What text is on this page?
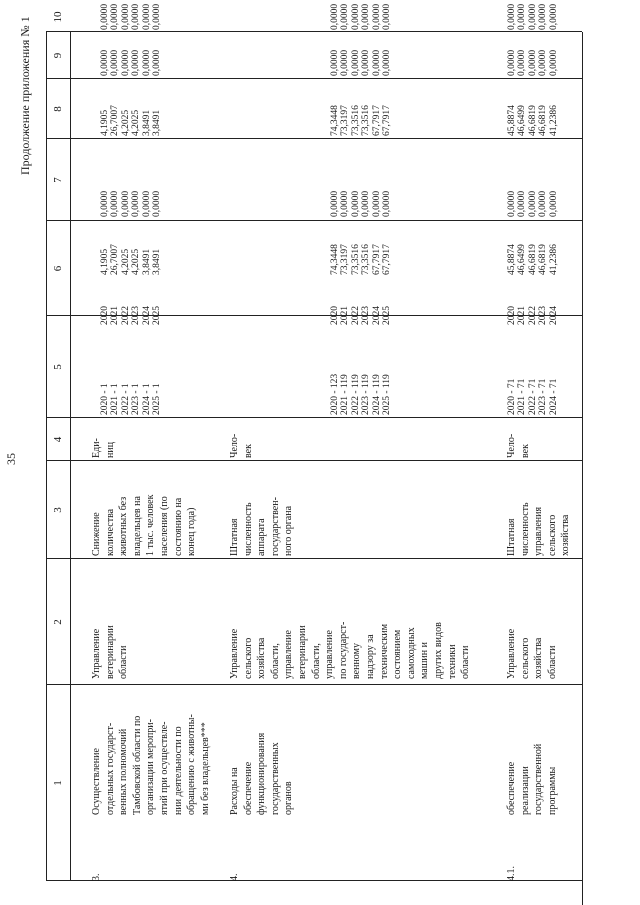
35
Продолжение приложения № 1
1
2
3
4
5
6
7
8
9
10
3.
Осуществление
отдельных государст-
венных полномочий
Тамбовской области по
организации меропри-
ятий при осуществле-
нии деятельности по
обращению с животны-
ми без владельцев***
Управление
ветеринарии
области
Снижение
количества
животных без
владельцев на
1 тыс. человек
населения (по
состоянию на
конец года)
Еди-
ниц
2020 - 1
2021 - 1
2022 - 1
2023 - 1
2024 - 1
2025 - 1
2020
2021
2022
2023
2024
2025
4,1905
26,7007
4,2025
4,2025
3,8491
3,8491
0,0000
0,0000
0,0000
0,0000
0,0000
0,0000
4,1905
26,7007
4,2025
4,2025
3,8491
3,8491
0,0000
0,0000
0,0000
0,0000
0,0000
0,0000
0,0000
0,0000
0,0000
0,0000
0,0000
0,0000
4.
Расходы на
обеспечение
функционирования
государственных
органов
Управление
сельского
хозяйства
области,
управление
ветеринарии
области,
управление
по государст-
венному
надзору за
техническим
состоянием
самоходных
машин и
других видов
техники
области
Штатная
численность
аппарата
государствен-
ного органа
Чело-
век
2020 - 123
2021 - 119
2022 - 119
2023 - 119
2024 - 119
2025 - 119
2020
2021
2022
2023
2024
2025
74,3448
73,3197
73,3516
73,3516
67,7917
67,7917
0,0000
0,0000
0,0000
0,0000
0,0000
0,0000
74,3448
73,3197
73,3516
73,3516
67,7917
67,7917
0,0000
0,0000
0,0000
0,0000
0,0000
0,0000
0,0000
0,0000
0,0000
0,0000
0,0000
0,0000
4.1.
обеспечение
реализации
государственной
программы
Управление
сельского
хозяйства
области
Штатная
численность
управления
сельского
хозяйства
Чело-
век
2020 - 71
2021 - 71
2022 - 71
2023 - 71
2024 - 71
2020
2021
2022
2023
2024
45,8874
46,6499
46,6819
46,6819
41,2386
0,0000
0,0000
0,0000
0,0000
0,0000
45,8874
46,6499
46,6819
46,6819
41,2386
0,0000
0,0000
0,0000
0,0000
0,0000
0,0000
0,0000
0,0000
0,0000
0,0000
